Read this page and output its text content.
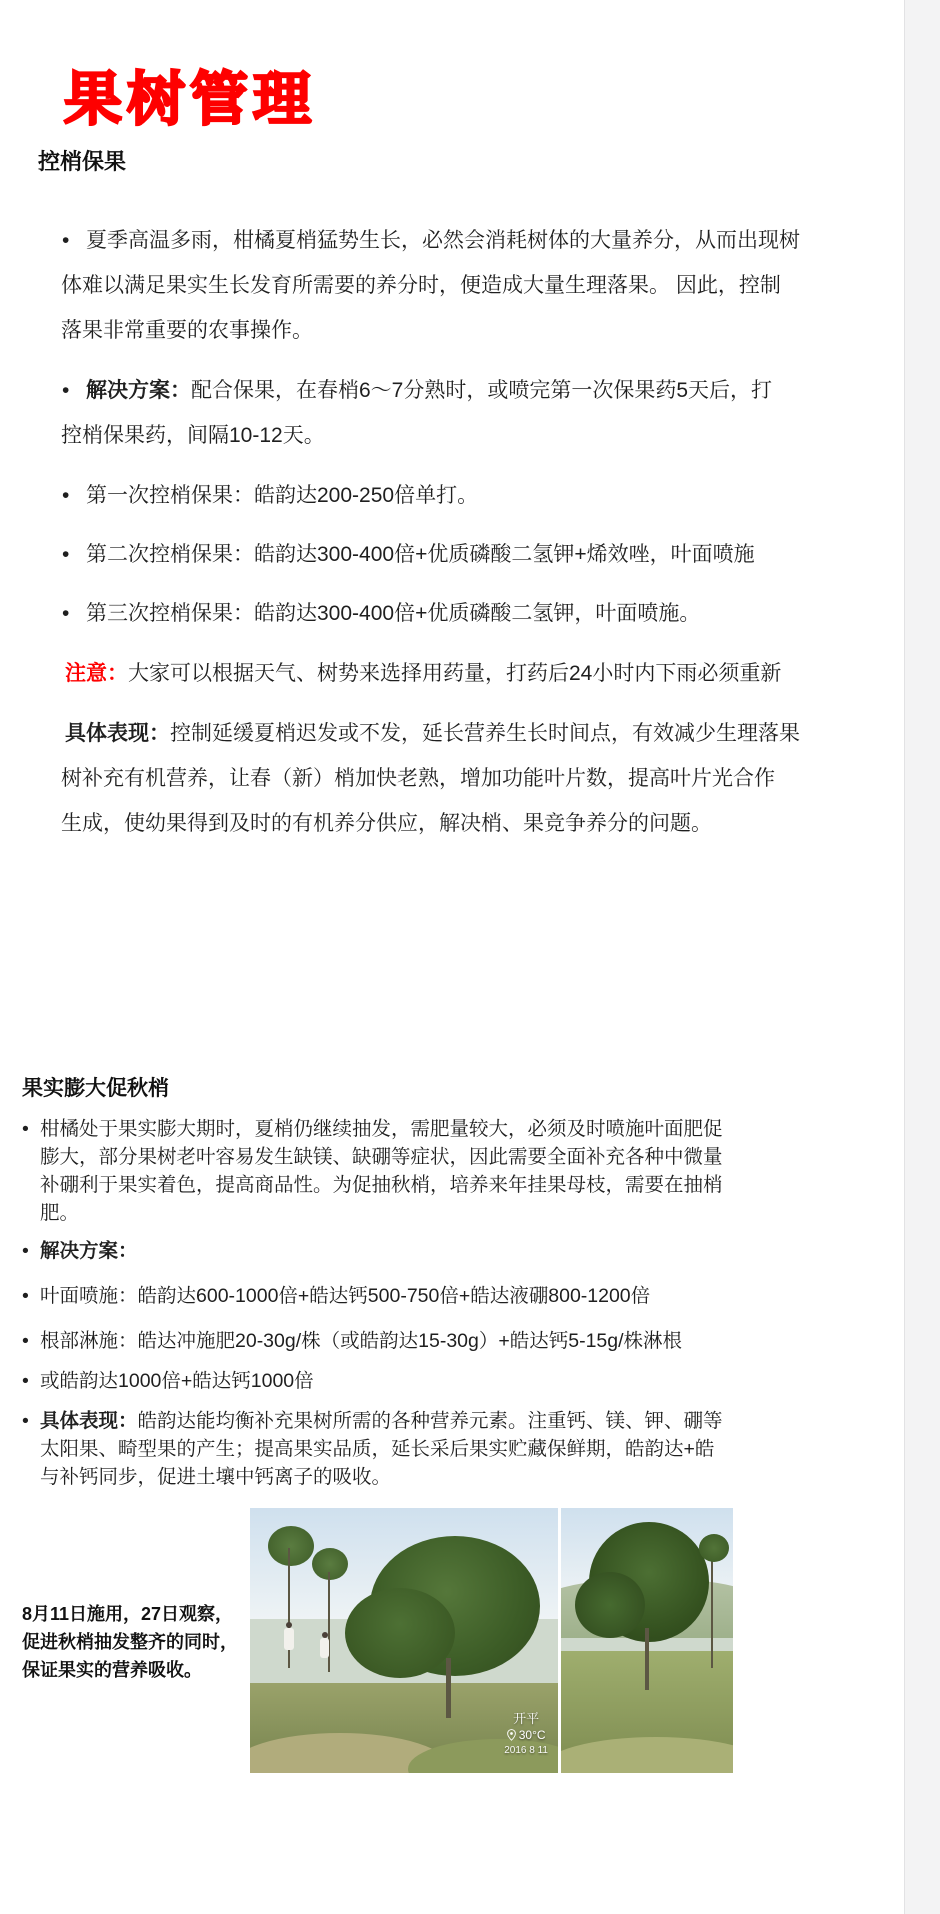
果树管理
控梢保果
• 夏季高温多雨，柑橘夏梢猛势生长，必然会消耗树体的大量养分，从而出现树
体难以满足果实生长发育所需要的养分时，便造成大量生理落果。 因此，控制
落果非常重要的农事操作。
• 解决方案：配合保果，在春梢6～7分熟时，或喷完第一次保果药5天后，打
控梢保果药，间隔10-12天。
• 第一次控梢保果：皓韵达200-250倍单打。
• 第二次控梢保果：皓韵达300-400倍+优质磷酸二氢钾+烯效唑，叶面喷施
• 第三次控梢保果：皓韵达300-400倍+优质磷酸二氢钾，叶面喷施。
注意：大家可以根据天气、树势来选择用药量，打药后24小时内下雨必须重新
具体表现：控制延缓夏梢迟发或不发，延长营养生长时间点，有效减少生理落果
树补充有机营养，让春（新）梢加快老熟，增加功能叶片数，提高叶片光合作
生成，使幼果得到及时的有机养分供应，解决梢、果竞争养分的问题。
果实膨大促秋梢
• 柑橘处于果实膨大期时，夏梢仍继续抽发，需肥量较大，必须及时喷施叶面肥促
膨大，部分果树老叶容易发生缺镁、缺硼等症状，因此需要全面补充各种中微量
补硼利于果实着色，提高商品性。为促抽秋梢，培养来年挂果母枝，需要在抽梢
肥。
• 解决方案：
• 叶面喷施：皓韵达600-1000倍+皓达钙500-750倍+皓达液硼800-1200倍
• 根部淋施：皓达冲施肥20-30g/株（或皓韵达15-30g）+皓达钙5-15g/株淋根
• 或皓韵达1000倍+皓达钙1000倍
• 具体表现：皓韵达能均衡补充果树所需的各种营养元素。注重钙、镁、钾、硼等
太阳果、畸型果的产生；提高果实品质，延长采后果实贮藏保鲜期，皓韵达+皓
与补钙同步，促进土壤中钙离子的吸收。
8月11日施用，27日观察，
促进秋梢抽发整齐的同时，
保证果实的营养吸收。
开平
30°C
2016 8 11
